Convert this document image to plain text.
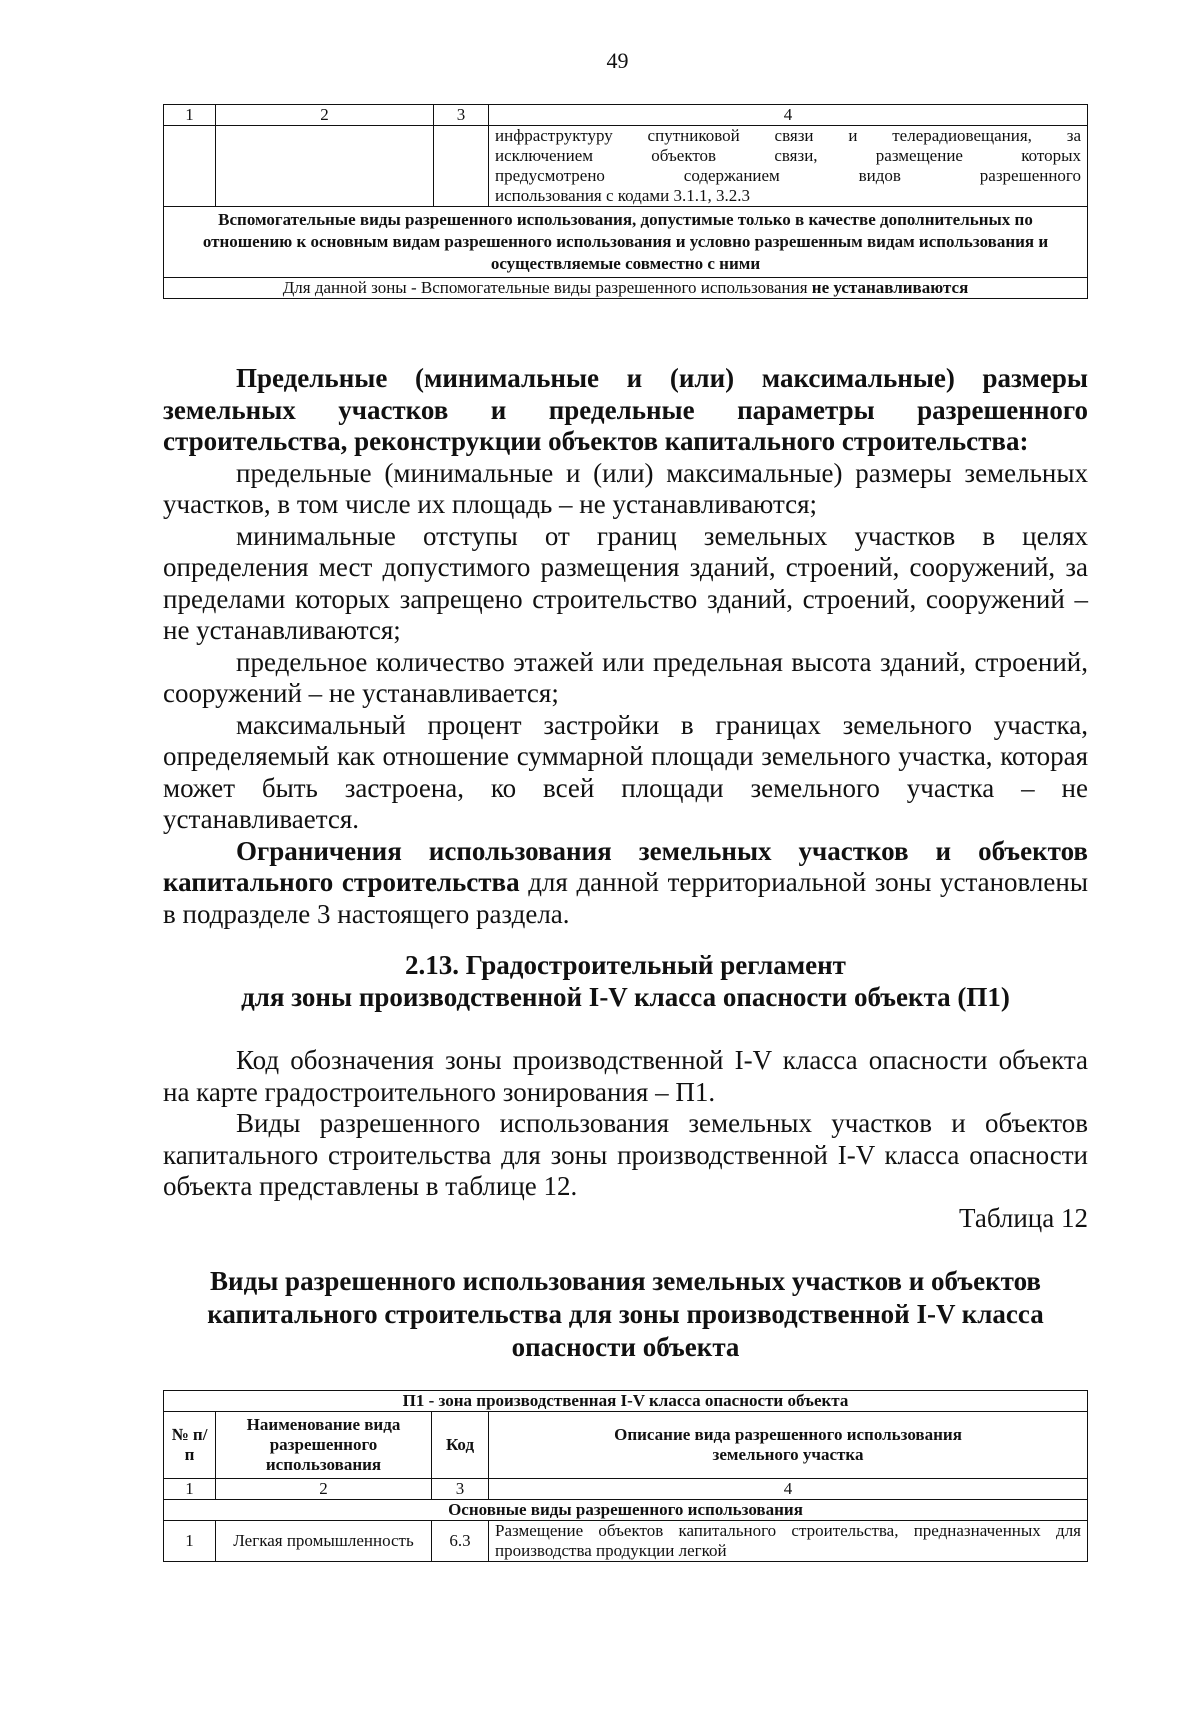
49
1	2	3	4

			инфраструктуру спутниковой связи и телерадиовещания, за
исключением объектов связи, размещение которых
предусмотрено содержанием видов разрешенного
использования с кодами 3.1.1, 3.2.3

Вспомогательные виды разрешенного использования, допустимые только в качестве дополнительных по отношению к основным видам разрешенного использования и условно разрешенным видам использования и осуществляемые совместно с ними			
Для данной зоны - Вспомогательные виды разрешенного использования не устанавливаются			
Предельные (минимальные и (или) максимальные) размеры земельных участков и предельные параметры разрешенного строительства, реконструкции объектов капитального строительства:
предельные (минимальные и (или) максимальные) размеры земельных участков, в том числе их площадь – не устанавливаются;
минимальные отступы от границ земельных участков в целях определения мест допустимого размещения зданий, строений, сооружений, за пределами которых запрещено строительство зданий, строений, сооружений – не устанавливаются;
предельное количество этажей или предельная высота зданий, строений, сооружений – не устанавливается;
максимальный процент застройки в границах земельного участка, определяемый как отношение суммарной площади земельного участка, которая может быть застроена, ко всей площади земельного участка – не устанавливается.
Ограничения использования земельных участков и объектов капитального строительства для данной территориальной зоны установлены в подразделе 3 настоящего раздела.
2.13. Градостроительный регламент
для зоны производственной I-V класса опасности объекта (П1)
Код обозначения зоны производственной I-V класса опасности объекта на карте градостроительного зонирования – П1.
Виды разрешенного использования земельных участков и объектов капитального строительства для зоны производственной I-V класса опасности объекта представлены в таблице 12.
Таблица 12
Виды разрешенного использования земельных участков и объектов капитального строительства для зоны производственной I-V класса опасности объекта
П1 - зона производственная I-V класса опасности объекта			
№ п/п	Наименование вида разрешенного использования	Код	Описание вида разрешенного использования земельного участка
1	2	3	4
Основные виды разрешенного использования			
1	Легкая промышленность	6.3	Размещение объектов капитального строительства, предназначенных для производства продукции легкой
